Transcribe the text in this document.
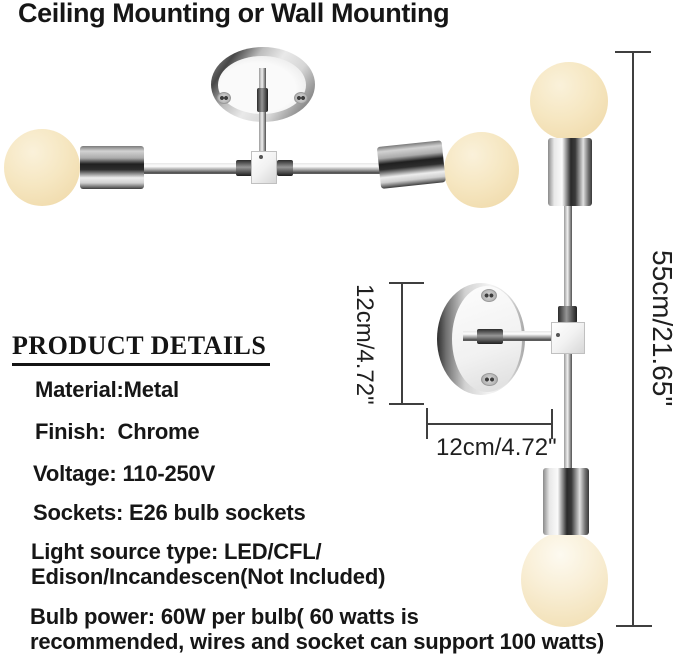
Ceiling Mounting or Wall Mounting
12cm/4.72"
12cm/4.72"
55cm/21.65"
PRODUCT DETAILS
Material:Metal
Finish:  Chrome
Voltage: 110-250V
Sockets: E26 bulb sockets
Light source type: LED/CFL/
Edison/Incandescen(Not Included)
Bulb power: 60W per bulb( 60 watts is
recommended, wires and socket can support 100 watts)
